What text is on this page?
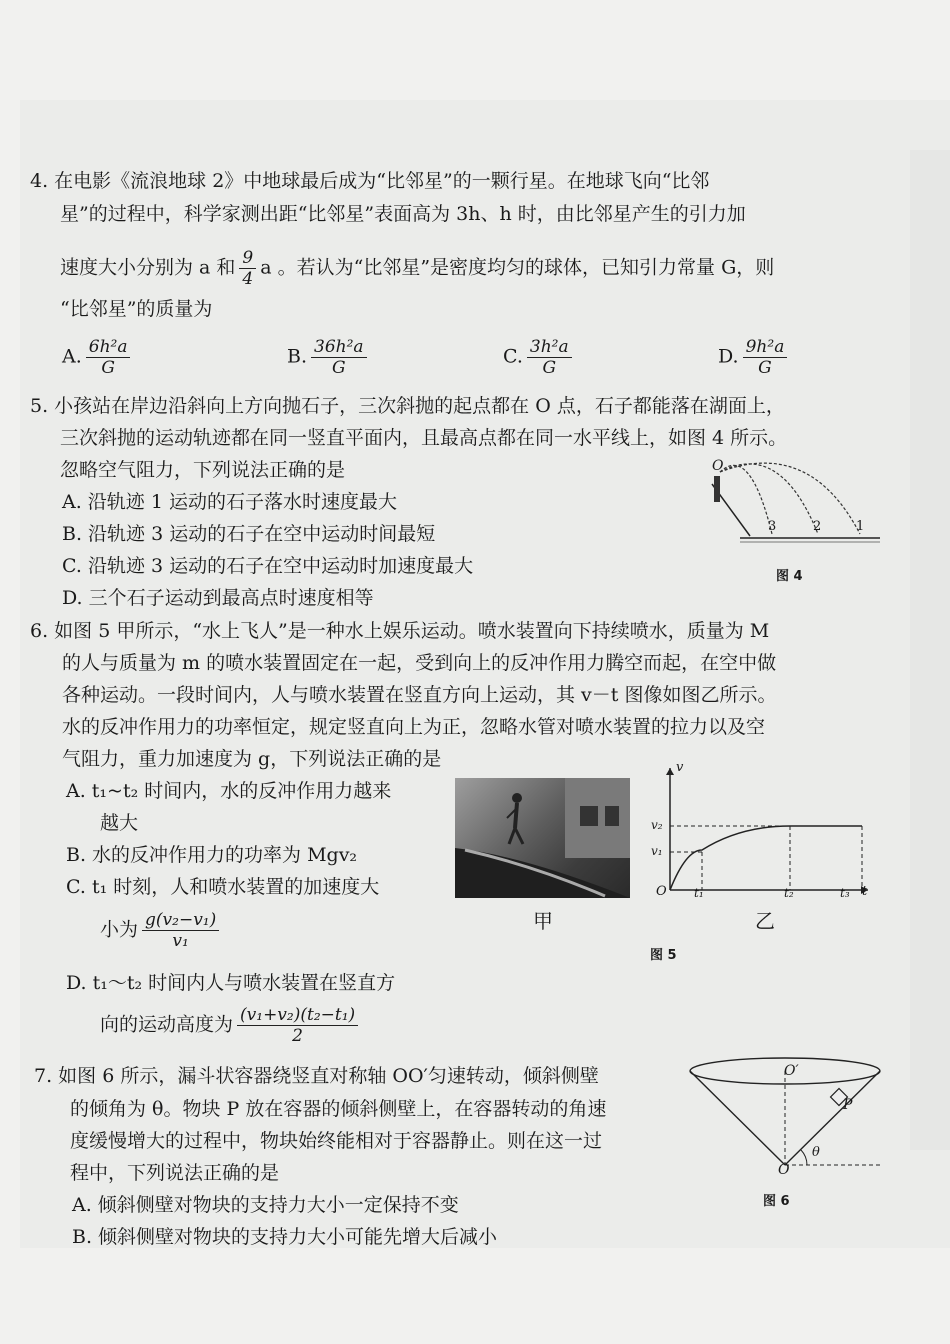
4. 在电影《流浪地球 2》中地球最后成为“比邻星”的一颗行星。在地球飞向“比邻
星”的过程中，科学家测出距“比邻星”表面高为 3h、h 时，由比邻星产生的引力加
速度大小分别为 a 和 $\frac{9}{4}$ a 。若认为“比邻星”是密度均匀的球体，已知引力常量 G，则
“比邻星”的质量为
A. $\frac{\text{6h²a}}{G}$	B. $\frac{\text{36h²a}}{G}$	C. $\frac{\text{3h²a}}{G}$	D. $\frac{\text{9h²a}}{G}$
5. 小孩站在岸边沿斜向上方向抛石子，三次斜抛的起点都在 O 点，石子都能落在湖面上，
三次斜抛的运动轨迹都在同一竖直平面内，且最高点都在同一水平线上，如图 4 所示。
忽略空气阻力，下列说法正确的是
A. 沿轨迹 1 运动的石子落水时速度最大
B. 沿轨迹 3 运动的石子在空中运动时间最短
C. 沿轨迹 3 运动的石子在空中运动时加速度最大
D. 三个石子运动到最高点时速度相等
O
3	2	1
图 4
6. 如图 5 甲所示，“水上飞人”是一种水上娱乐运动。喷水装置向下持续喷水，质量为 M
的人与质量为 m 的喷水装置固定在一起，受到向上的反冲作用力腾空而起，在空中做
各种运动。一段时间内，人与喷水装置在竖直方向上运动，其 v－t 图像如图乙所示。
水的反冲作用力的功率恒定，规定竖直向上为正，忽略水管对喷水装置的拉力以及空
气阻力，重力加速度为 g，下列说法正确的是
A. t₁~t₂ 时间内，水的反冲作用力越来
越大
B. 水的反冲作用力的功率为 Mgv₂
C. t₁ 时刻，人和喷水装置的加速度大
小为 $\frac{\text{g(v₂−v₁)}}{\text{v₁}}$
D. t₁～t₂ 时间内人与喷水装置在竖直方
向的运动高度为 $\frac{\text{(v₁+v₂)(t₂−t₁)}}{2}$
甲
v
t
O
v₂
v₁
t₁	t₂	t₃
乙
图 5
7. 如图 6 所示，漏斗状容器绕竖直对称轴 OO′匀速转动，倾斜侧壁
的倾角为 θ。物块 P 放在容器的倾斜侧壁上，在容器转动的角速
度缓慢增大的过程中，物块始终能相对于容器静止。则在这一过
程中，下列说法正确的是
A. 倾斜侧壁对物块的支持力大小一定保持不变
B. 倾斜侧壁对物块的支持力大小可能先增大后减小
O′
O
P
θ
图 6
